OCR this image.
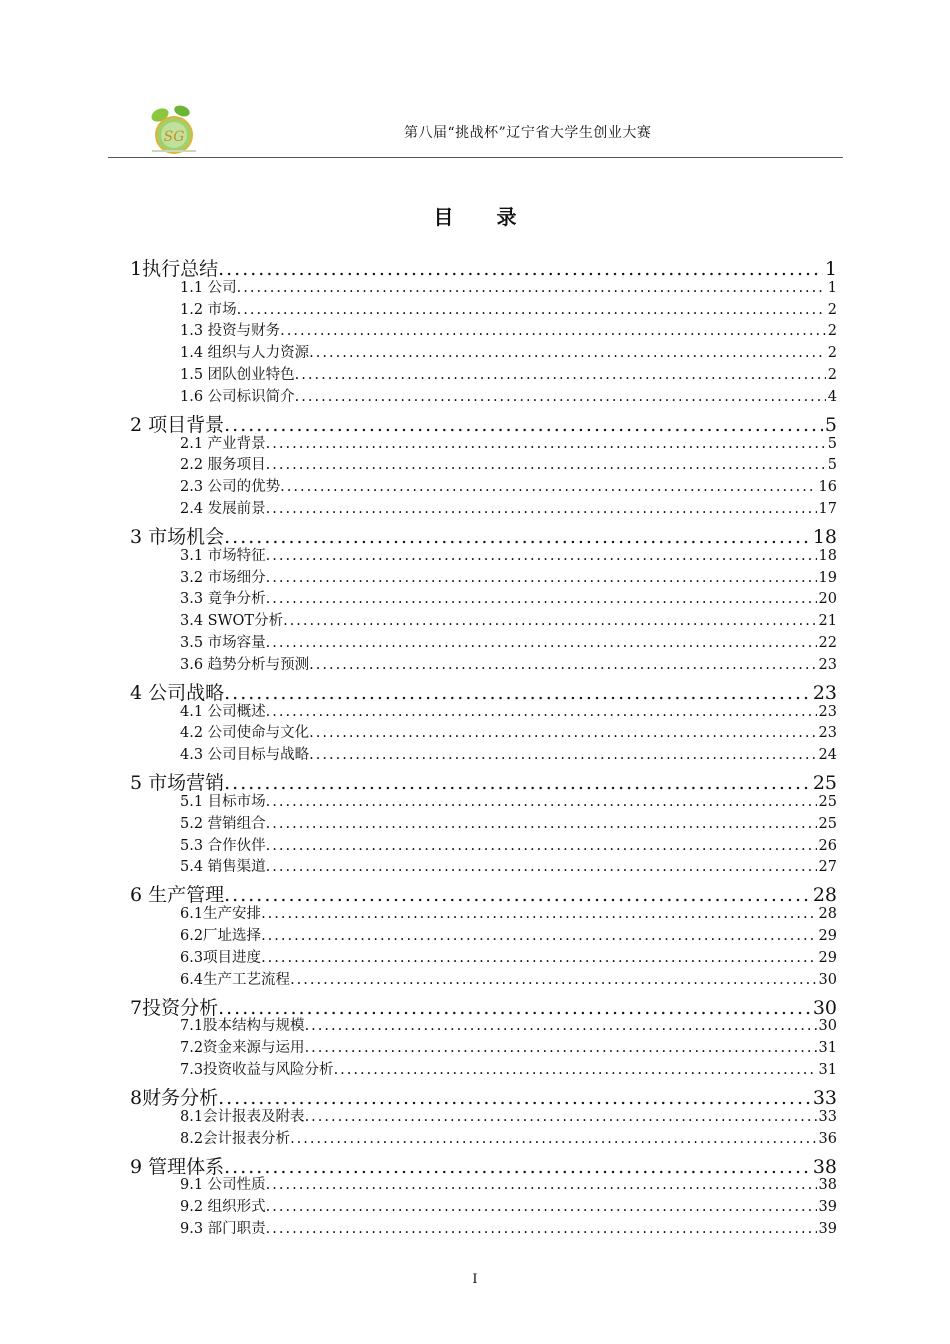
SG	第八届“挑战杯”辽宁省大学生创业大赛
目 录
1执行总结 .....	1
1.1 公司 .....	1
1.2 市场 .....	2
1.3 投资与财务 .....	2
1.4 组织与人力资源 .....	2
1.5 团队创业特色 .....	2
1.6 公司标识简介 .....	4
2 项目背景 .....	5
2.1 产业背景 .....	5
2.2 服务项目 .....	5
2.3 公司的优势 .....	16
2.4 发展前景 .....	17
3 市场机会 .....	18
3.1 市场特征 .....	18
3.2 市场细分 .....	19
3.3 竟争分析 .....	20
3.4 SWOT分析 .....	21
3.5 市场容量 .....	22
3.6 趋势分析与预测 .....	23
4 公司战略 .....	23
4.1 公司概述 .....	23
4.2 公司使命与文化 .....	23
4.3 公司目标与战略 .....	24
5 市场营销 .....	25
5.1 目标市场 .....	25
5.2 营销组合 .....	25
5.3 合作伙伴 .....	26
5.4 销售渠道 .....	27
6 生产管理 .....	28
6.1生产安排 .....	28
6.2厂址选择 .....	29
6.3项目进度 .....	29
6.4生产工艺流程 .....	30
7投资分析 .....	30
7.1股本结构与规模 .....	30
7.2资金来源与运用 .....	31
7.3投资收益与风险分析 .....	31
8财务分析 .....	33
8.1会计报表及附表 .....	33
8.2会计报表分析 .....	36
9 管理体系 .....	38
9.1 公司性质 .....	38
9.2 组织形式 .....	39
9.3 部门职责 .....	39
I
